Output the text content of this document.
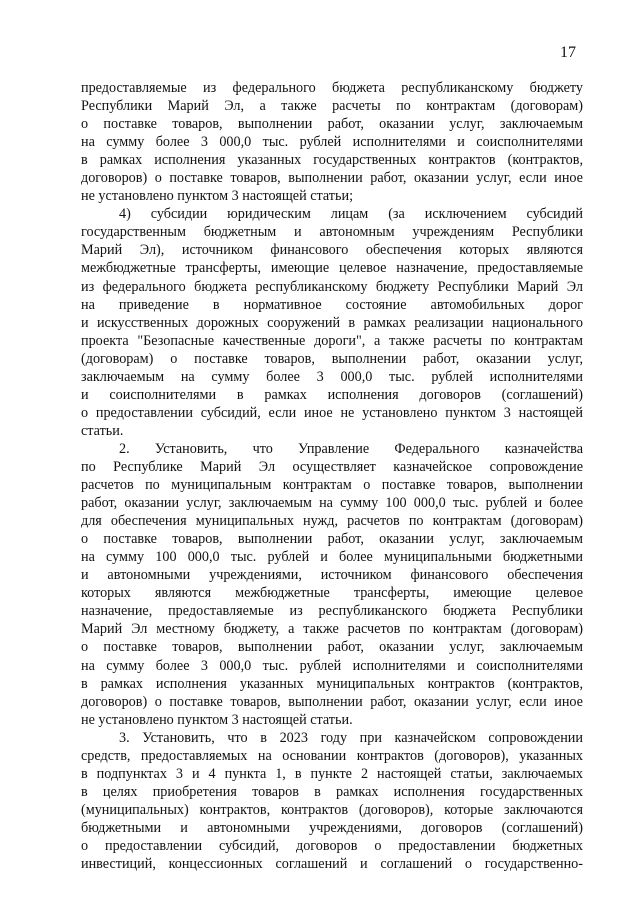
17
предоставляемые из федерального бюджета республиканскому бюджету
Республики Марий Эл, а также расчеты по контрактам (договорам)
о поставке товаров, выполнении работ, оказании услуг, заключаемым
на сумму более 3 000,0 тыс. рублей исполнителями и соисполнителями
в рамках исполнения указанных государственных контрактов (контрактов,
договоров) о поставке товаров, выполнении работ, оказании услуг, если иное
не установлено пунктом 3 настоящей статьи;
4) субсидии юридическим лицам (за исключением субсидий
государственным бюджетным и автономным учреждениям Республики
Марий Эл), источником финансового обеспечения которых являются
межбюджетные трансферты, имеющие целевое назначение, предоставляемые
из федерального бюджета республиканскому бюджету Республики Марий Эл
на приведение в нормативное состояние автомобильных дорог
и искусственных дорожных сооружений в рамках реализации национального
проекта "Безопасные качественные дороги", а также расчеты по контрактам
(договорам) о поставке товаров, выполнении работ, оказании услуг,
заключаемым на сумму более 3 000,0 тыс. рублей исполнителями
и соисполнителями в рамках исполнения договоров (соглашений)
о предоставлении субсидий, если иное не установлено пунктом 3 настоящей
статьи.
2. Установить, что Управление Федерального казначейства
по Республике Марий Эл осуществляет казначейское сопровождение
расчетов по муниципальным контрактам о поставке товаров, выполнении
работ, оказании услуг, заключаемым на сумму 100 000,0 тыс. рублей и более
для обеспечения муниципальных нужд, расчетов по контрактам (договорам)
о поставке товаров, выполнении работ, оказании услуг, заключаемым
на сумму 100 000,0 тыс. рублей и более муниципальными бюджетными
и автономными учреждениями, источником финансового обеспечения
которых являются межбюджетные трансферты, имеющие целевое
назначение, предоставляемые из республиканского бюджета Республики
Марий Эл местному бюджету, а также расчетов по контрактам (договорам)
о поставке товаров, выполнении работ, оказании услуг, заключаемым
на сумму более 3 000,0 тыс. рублей исполнителями и соисполнителями
в рамках исполнения указанных муниципальных контрактов (контрактов,
договоров) о поставке товаров, выполнении работ, оказании услуг, если иное
не установлено пунктом 3 настоящей статьи.
3. Установить, что в 2023 году при казначейском сопровождении
средств, предоставляемых на основании контрактов (договоров), указанных
в подпунктах 3 и 4 пункта 1, в пункте 2 настоящей статьи, заключаемых
в целях приобретения товаров в рамках исполнения государственных
(муниципальных) контрактов, контрактов (договоров), которые заключаются
бюджетными и автономными учреждениями, договоров (соглашений)
о предоставлении субсидий, договоров о предоставлении бюджетных
инвестиций, концессионных соглашений и соглашений о государственно-
